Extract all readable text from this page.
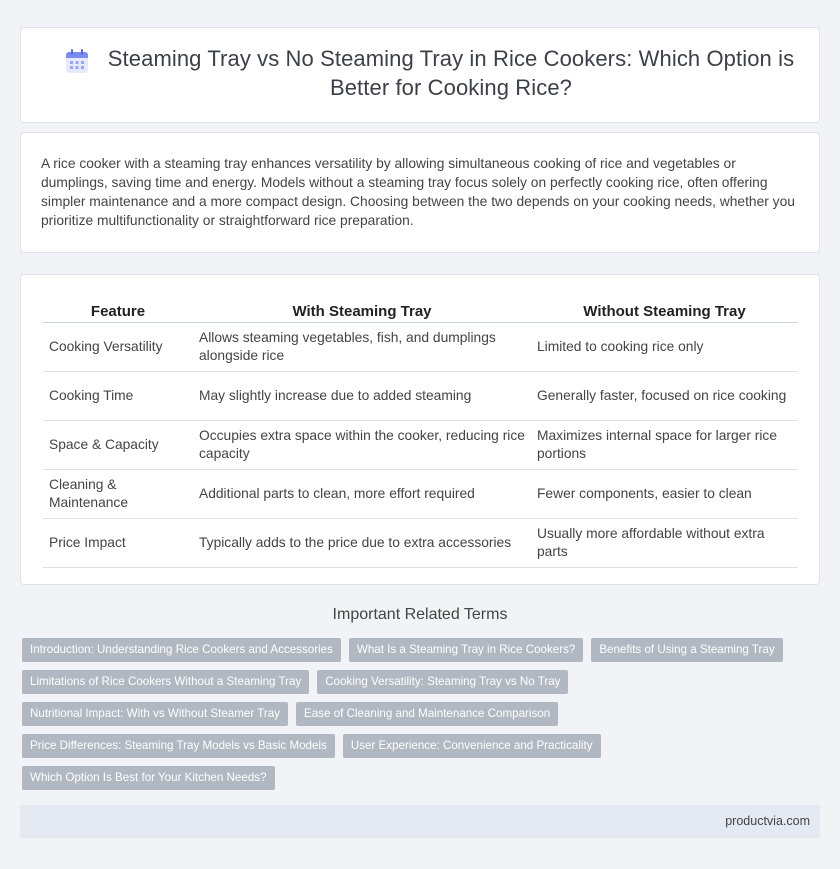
Steaming Tray vs No Steaming Tray in Rice Cookers: Which Option is Better for Cooking Rice?

A rice cooker with a steaming tray enhances versatility by allowing simultaneous cooking of rice and vegetables or dumplings, saving time and energy. Models without a steaming tray focus solely on perfectly cooking rice, often offering simpler maintenance and a more compact design. Choosing between the two depends on your cooking needs, whether you prioritize multifunctionality or straightforward rice preparation.

Feature	With Steaming Tray	Without Steaming Tray
Cooking Versatility	Allows steaming vegetables, fish, and dumplings alongside rice	Limited to cooking rice only
Cooking Time	May slightly increase due to added steaming	Generally faster, focused on rice cooking
Space & Capacity	Occupies extra space within the cooker, reducing rice capacity	Maximizes internal space for larger rice portions
Cleaning & Maintenance	Additional parts to clean, more effort required	Fewer components, easier to clean
Price Impact	Typically adds to the price due to extra accessories	Usually more affordable without extra parts
Important Related Terms
Introduction: Understanding Rice Cookers and Accessories	What Is a Steaming Tray in Rice Cookers?	Benefits of Using a Steaming Tray
Limitations of Rice Cookers Without a Steaming Tray	Cooking Versatility: Steaming Tray vs No Tray
Nutritional Impact: With vs Without Steamer Tray	Ease of Cleaning and Maintenance Comparison
Price Differences: Steaming Tray Models vs Basic Models	User Experience: Convenience and Practicality
Which Option Is Best for Your Kitchen Needs?
productvia.com
